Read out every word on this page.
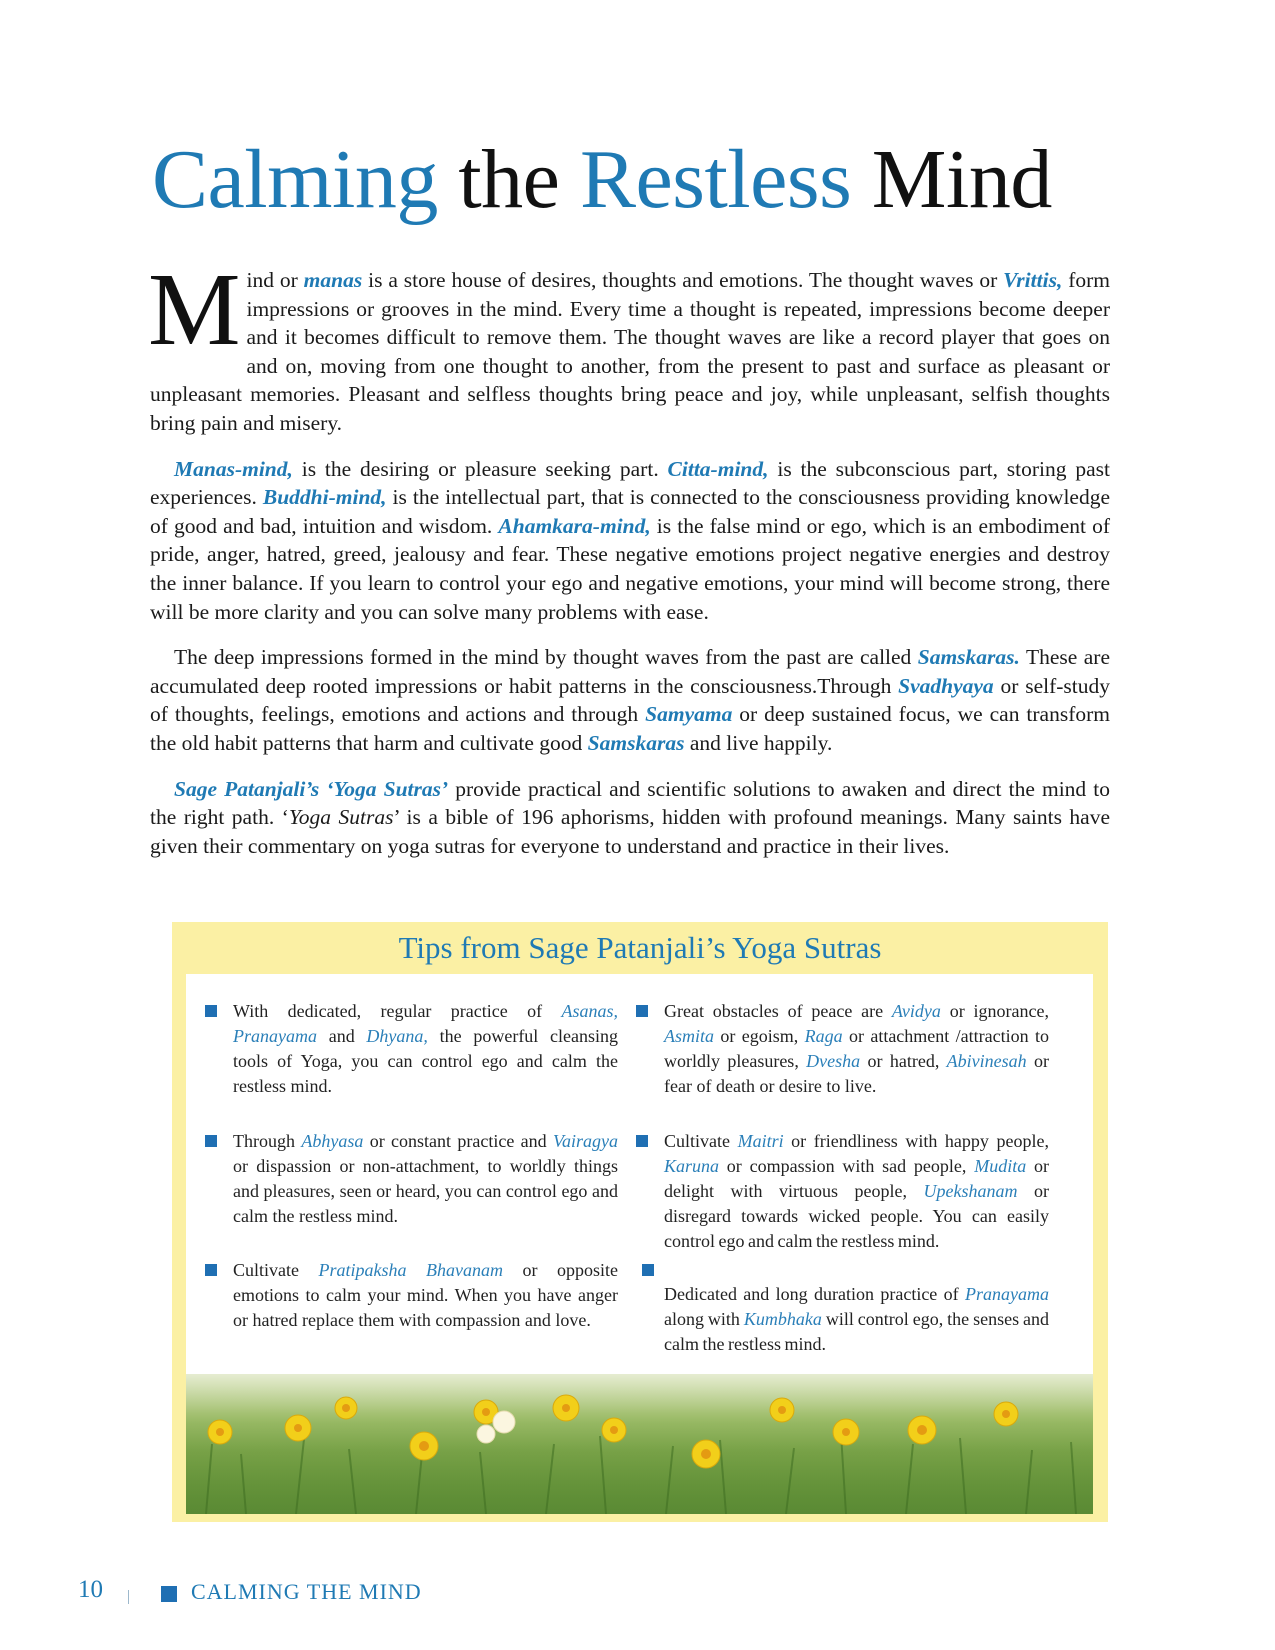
Calming the Restless Mind

Mind or manas is a store house of desires, thoughts and emotions. The thought waves or Vrittis, form impressions or grooves in the mind. Every time a thought is repeated, impressions become deeper and it becomes difficult to remove them. The thought waves are like a record player that goes on and on, moving from one thought to another, from the present to past and surface as pleasant or unpleasant memories. Pleasant and selfless thoughts bring peace and joy, while unpleasant, selfish thoughts bring pain and misery.

Manas-mind, is the desiring or pleasure seeking part. Citta-mind, is the subconscious part, storing past experiences. Buddhi-mind, is the intellectual part, that is connected to the consciousness providing knowledge of good and bad, intuition and wisdom. Ahamkara-mind, is the false mind or ego, which is an embodiment of pride, anger, hatred, greed, jealousy and fear. These negative emotions project negative energies and destroy the inner balance. If you learn to control your ego and negative emotions, your mind will become strong, there will be more clarity and you can solve many problems with ease.

The deep impressions formed in the mind by thought waves from the past are called Samskaras. These are accumulated deep rooted impressions or habit patterns in the consciousness.Through Svadhyaya or self-study of thoughts, feelings, emotions and actions and through Samyama or deep sustained focus, we can transform the old habit patterns that harm and cultivate good Samskaras and live happily.

Sage Patanjali’s ‘Yoga Sutras’ provide practical and scientific solutions to awaken and direct the mind to the right path. ‘Yoga Sutras’ is a bible of 196 aphorisms, hidden with profound meanings. Many saints have given their commentary on yoga sutras for everyone to understand and practice in their lives.

Tips from Sage Patanjali’s Yoga Sutras
With dedicated, regular practice of Asanas, Pranayama and Dhyana, the powerful cleansing tools of Yoga, you can control ego and calm the restless mind.
Great obstacles of peace are Avidya or ignorance, Asmita or egoism, Raga or attachment /attraction to worldly pleasures, Dvesha or hatred, Abivinesah or fear of death or desire to live.
Through Abhyasa or constant practice and Vairagya or dispassion or non-attachment, to worldly things and pleasures, seen or heard, you can control ego and calm the restless mind.
Cultivate Maitri or friendliness with happy people, Karuna or compassion with sad people, Mudita or delight with virtuous people, Upekshanam or disregard towards wicked people. You can easily control ego and calm the restless mind.
Cultivate Pratipaksha Bhavanam or opposite emotions to calm your mind. When you have anger or hatred replace them with compassion and love.
Dedicated and long duration practice of Pranayama along with Kumbhaka will control ego, the senses and calm the restless mind.
10	CALMING THE MIND
